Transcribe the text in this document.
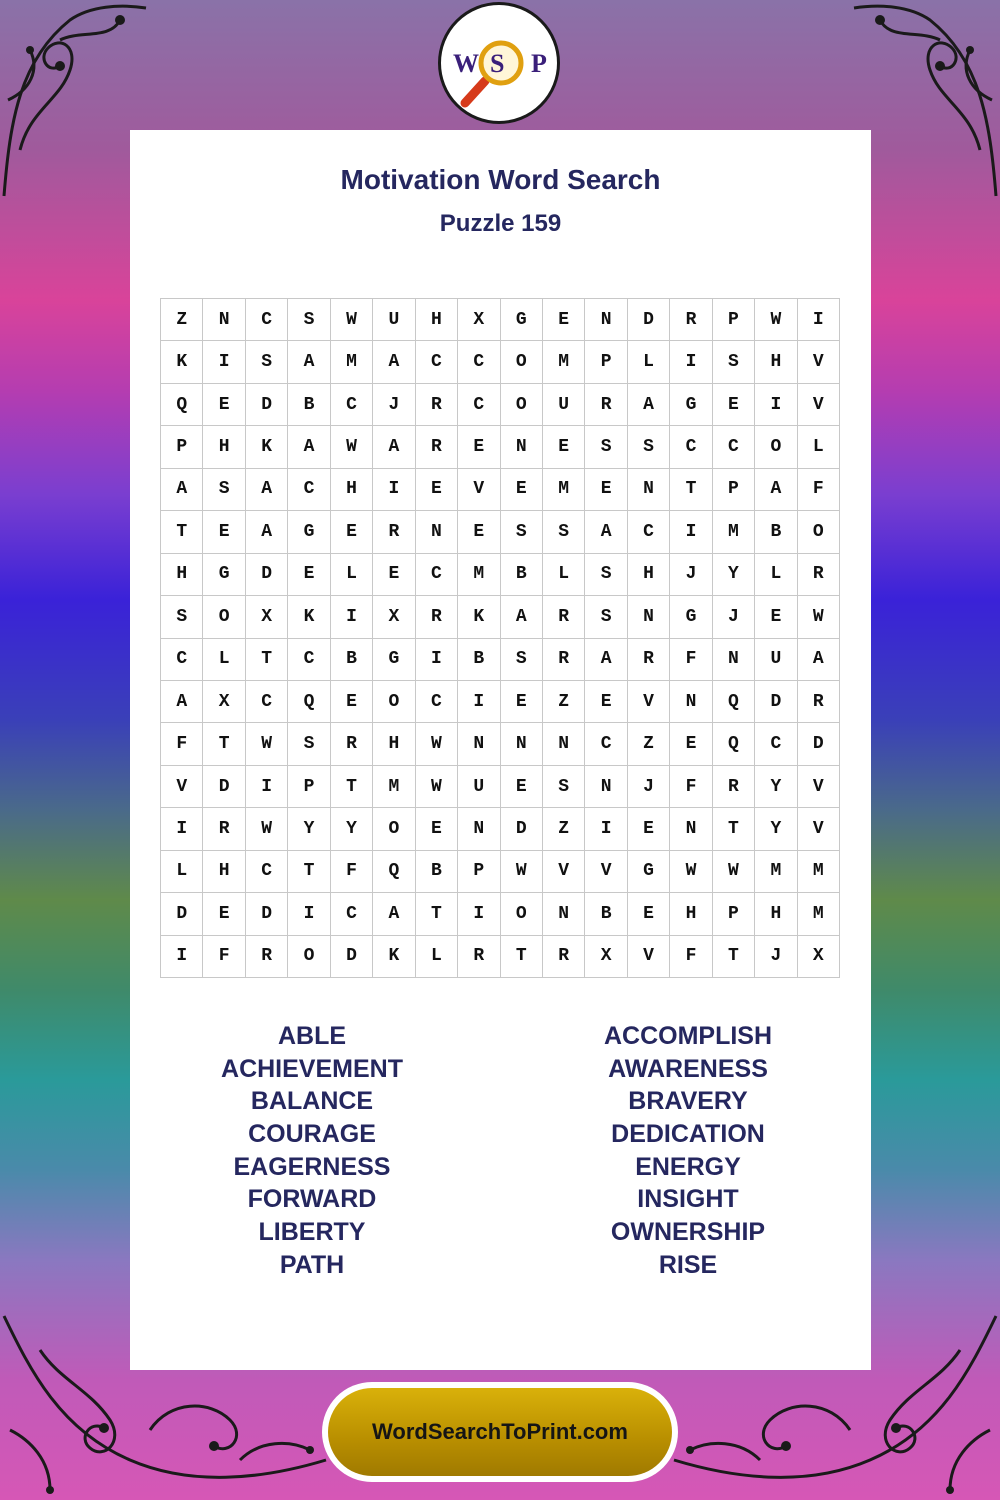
W S P
Motivation Word Search
Puzzle 159
Z	N	C	S	W	U	H	X	G	E	N	D	R	P	W	I
K	I	S	A	M	A	C	C	O	M	P	L	I	S	H	V
Q	E	D	B	C	J	R	C	O	U	R	A	G	E	I	V
P	H	K	A	W	A	R	E	N	E	S	S	C	C	O	L
A	S	A	C	H	I	E	V	E	M	E	N	T	P	A	F
T	E	A	G	E	R	N	E	S	S	A	C	I	M	B	O
H	G	D	E	L	E	C	M	B	L	S	H	J	Y	L	R
S	O	X	K	I	X	R	K	A	R	S	N	G	J	E	W
C	L	T	C	B	G	I	B	S	R	A	R	F	N	U	A
A	X	C	Q	E	O	C	I	E	Z	E	V	N	Q	D	R
F	T	W	S	R	H	W	N	N	N	C	Z	E	Q	C	D
V	D	I	P	T	M	W	U	E	S	N	J	F	R	Y	V
I	R	W	Y	Y	O	E	N	D	Z	I	E	N	T	Y	V
L	H	C	T	F	Q	B	P	W	V	V	G	W	W	M	M
D	E	D	I	C	A	T	I	O	N	B	E	H	P	H	M
I	F	R	O	D	K	L	R	T	R	X	V	F	T	J	X
ABLE
ACHIEVEMENT
BALANCE
COURAGE
EAGERNESS
FORWARD
LIBERTY
PATH
ACCOMPLISH
AWARENESS
BRAVERY
DEDICATION
ENERGY
INSIGHT
OWNERSHIP
RISE
WordSearchToPrint.com
